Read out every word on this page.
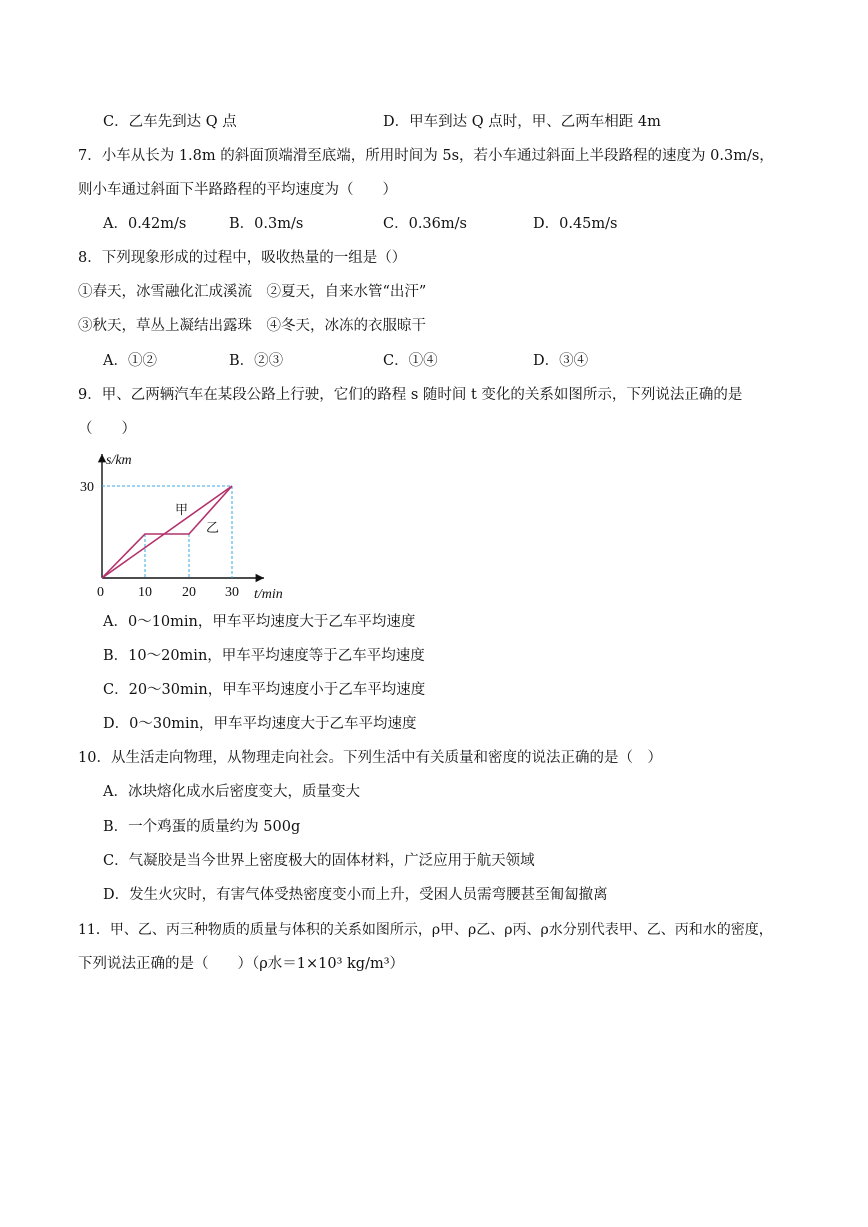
C．乙车先到达 Q 点	D．甲车到达 Q 点时，甲、乙两车相距 4m
7．小车从长为 1.8m 的斜面顶端滑至底端，所用时间为 5s，若小车通过斜面上半段路程的速度为 0.3m/s，
则小车通过斜面下半路路程的平均速度为（　　）
A．0.42m/s	B．0.3m/s	C．0.36m/s	D．0.45m/s
8．下列现象形成的过程中，吸收热量的一组是（）
①春天，冰雪融化汇成溪流　②夏天，自来水管“出汗”
③秋天，草丛上凝结出露珠　④冬天，冰冻的衣服晾干
A．①②	B．②③	C．①④	D．③④
9．甲、乙两辆汽车在某段公路上行驶，它们的路程 s 随时间 t 变化的关系如图所示，下列说法正确的是
（　　）
s/km
t/min
30
0 10 20 30
甲
乙
A．0～10min，甲车平均速度大于乙车平均速度
B．10～20min，甲车平均速度等于乙车平均速度
C．20～30min，甲车平均速度小于乙车平均速度
D．0～30min，甲车平均速度大于乙车平均速度
10．从生活走向物理，从物理走向社会。下列生活中有关质量和密度的说法正确的是（　）
A．冰块熔化成水后密度变大，质量变大
B．一个鸡蛋的质量约为 500g
C．气凝胶是当今世界上密度极大的固体材料，广泛应用于航天领域
D．发生火灾时，有害气体受热密度变小而上升，受困人员需弯腰甚至匍匐撤离
11．甲、乙、丙三种物质的质量与体积的关系如图所示，ρ甲、ρ乙、ρ丙、ρ水分别代表甲、乙、丙和水的密度，
下列说法正确的是（　　）（ρ水＝1×10³ kg/m³）
